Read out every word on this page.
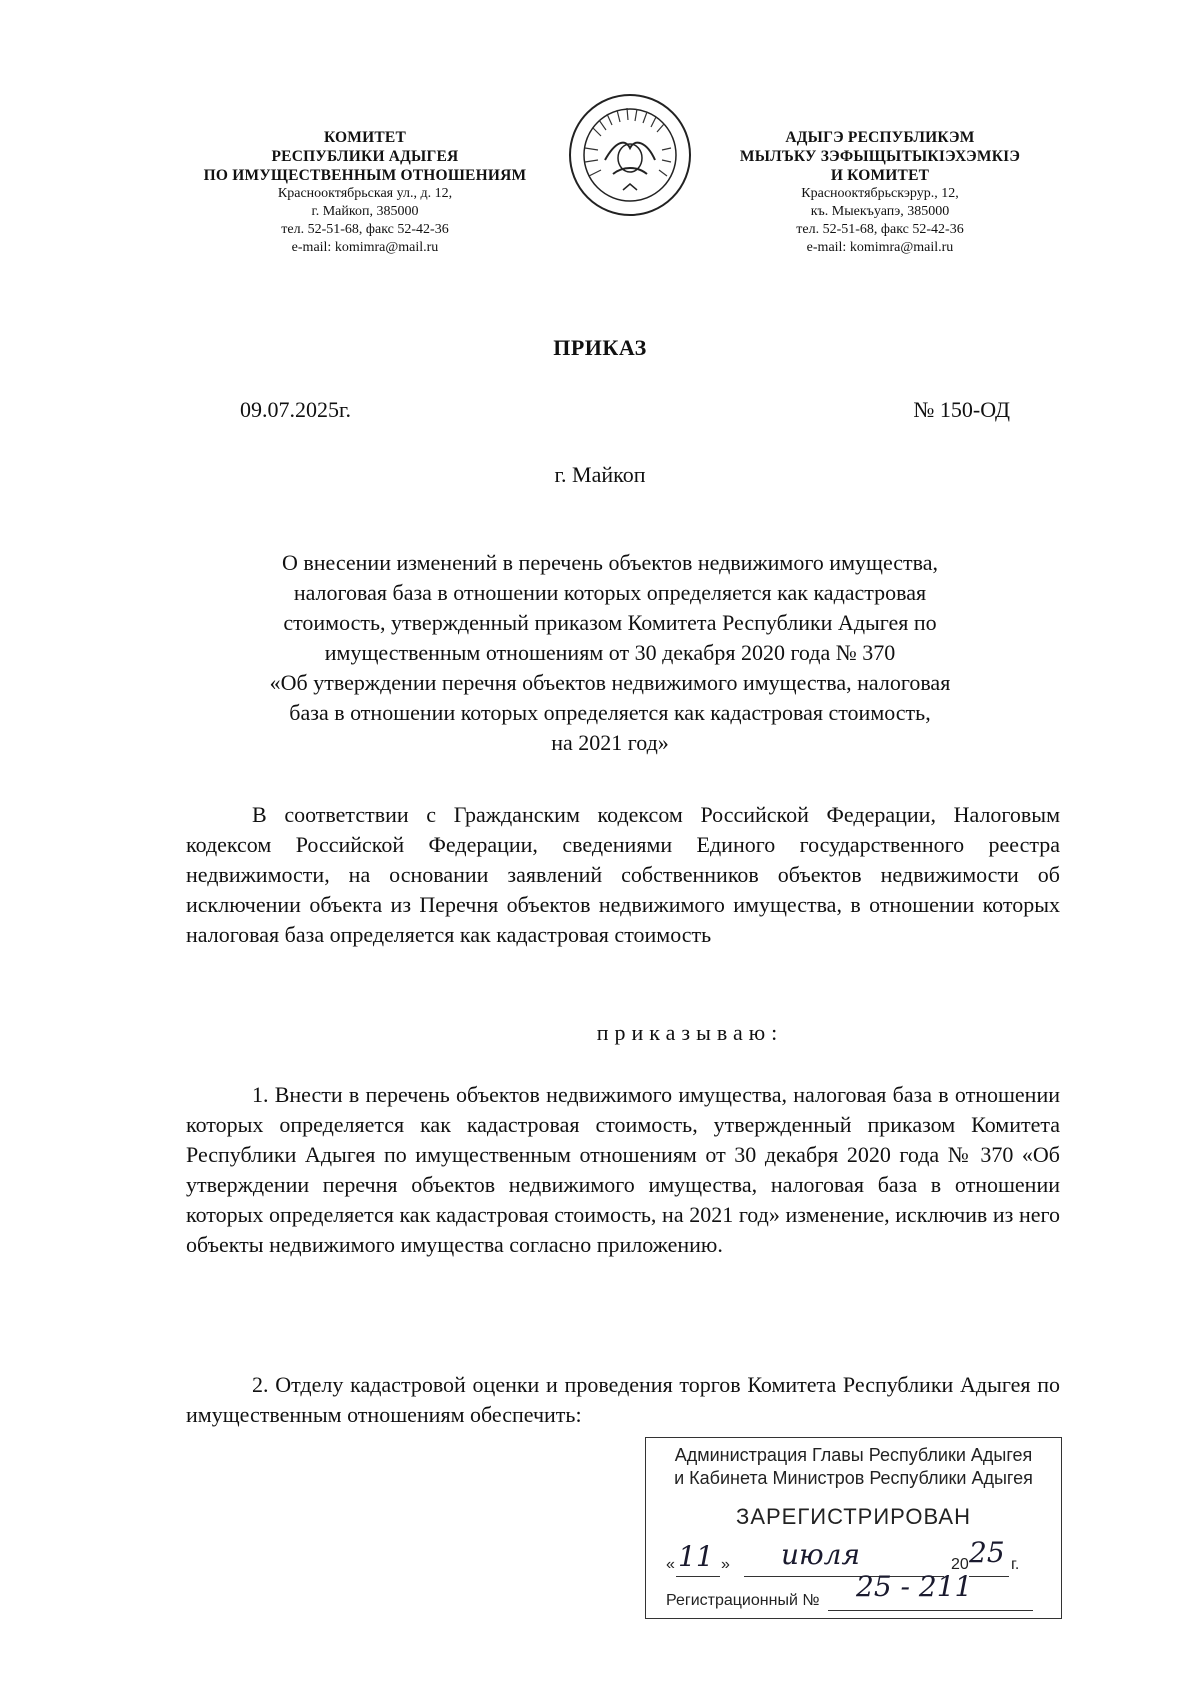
КОМИТЕТ
РЕСПУБЛИКИ АДЫГЕЯ
ПО ИМУЩЕСТВЕННЫМ ОТНОШЕНИЯМ
Краснооктябрьская ул., д. 12,
г. Майкоп, 385000
тел. 52-51-68, факс 52-42-36
e-mail: komimra@mail.ru
АДЫГЭ РЕСПУБЛИКЭМ
МЫЛЪКУ ЗЭФЫЩЫТЫКIЭХЭМКIЭ
И КОМИТЕТ
Краснооктябрьскэрур., 12,
къ. Мыекъуапэ, 385000
тел. 52-51-68, факс 52-42-36
e-mail: komimra@mail.ru
ПРИКАЗ
09.07.2025г.	№ 150-ОД
г. Майкоп
О внесении изменений в перечень объектов недвижимого имущества,
налоговая база в отношении которых определяется как кадастровая
стоимость, утвержденный приказом Комитета Республики Адыгея по
имущественным отношениям от 30 декабря 2020 года № 370
«Об утверждении перечня объектов недвижимого имущества, налоговая
база в отношении которых определяется как кадастровая стоимость,
на 2021 год»
В соответствии с Гражданским кодексом Российской Федерации, Налоговым кодексом Российской Федерации, сведениями Единого государственного реестра недвижимости, на основании заявлений собственников объектов недвижимости об исключении объекта из Перечня объектов недвижимого имущества, в отношении которых налоговая база определяется как кадастровая стоимость
приказываю:
1. Внести в перечень объектов недвижимого имущества, налоговая база в отношении которых определяется как кадастровая стоимость, утвержденный приказом Комитета Республики Адыгея по имущественным отношениям от 30 декабря 2020 года № 370 «Об утверждении перечня объектов недвижимого имущества, налоговая база в отношении которых определяется как кадастровая стоимость, на 2021 год» изменение, исключив из него объекты недвижимого имущества согласно приложению.
2. Отделу кадастровой оценки и проведения торгов Комитета Республики Адыгея по имущественным отношениям обеспечить:
Администрация Главы Республики Адыгея
и Кабинета Министров Республики Адыгея
ЗАРЕГИСТРИРОВАН
« 11 » июля	20 25 г.
Регистрационный № 25 - 211
